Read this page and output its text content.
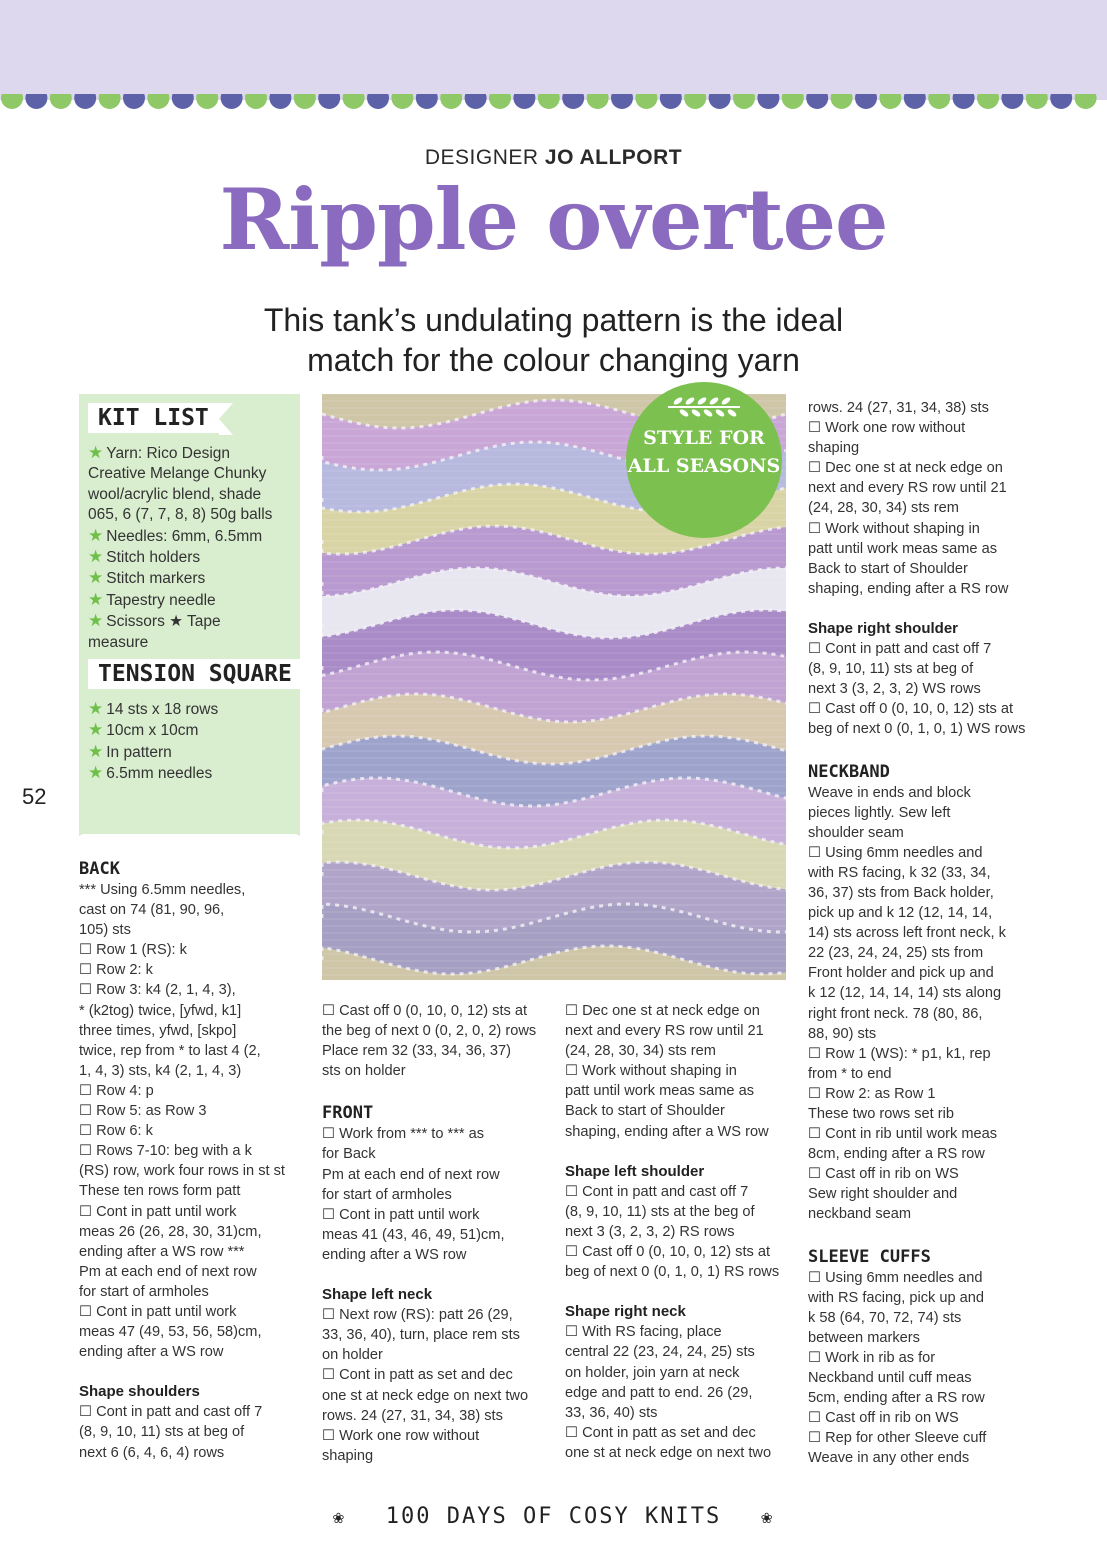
DESIGNER JO ALLPORT
Ripple overtee
This tank’s undulating pattern is the ideal
match for the colour changing yarn
KIT LIST
★ Yarn: Rico Design
Creative Melange Chunky
wool/acrylic blend, shade
065, 6 (7, 7, 8, 8) 50g balls
★ Needles: 6mm, 6.5mm
★ Stitch holders
★ Stitch markers
★ Tapestry needle
★ Scissors ★ Tape
measure
TENSION SQUARE
★ 14 sts x 18 rows
★ 10cm x 10cm
★ In pattern
★ 6.5mm needles
52
STYLE FOR
ALL SEASONS
BACK
*** Using 6.5mm needles,
cast on 74 (81, 90, 96,
105) sts
☐ Row 1 (RS): k
☐ Row 2: k
☐ Row 3: k4 (2, 1, 4, 3),
* (k2tog) twice, [yfwd, k1]
three times, yfwd, [skpo]
twice, rep from * to last 4 (2,
1, 4, 3) sts, k4 (2, 1, 4, 3)
☐ Row 4: p
☐ Row 5: as Row 3
☐ Row 6: k
☐ Rows 7-10: beg with a k
(RS) row, work four rows in st st
These ten rows form patt
☐ Cont in patt until work
meas 26 (26, 28, 30, 31)cm,
ending after a WS row ***
Pm at each end of next row
for start of armholes
☐ Cont in patt until work
meas 47 (49, 53, 56, 58)cm,
ending after a WS row
Shape shoulders
☐ Cont in patt and cast off 7
(8, 9, 10, 11) sts at beg of
next 6 (6, 4, 6, 4) rows
☐ Cast off 0 (0, 10, 0, 12) sts at
the beg of next 0 (0, 2, 0, 2) rows
Place rem 32 (33, 34, 36, 37)
sts on holder
FRONT
☐ Work from *** to *** as
for Back
Pm at each end of next row
for start of armholes
☐ Cont in patt until work
meas 41 (43, 46, 49, 51)cm,
ending after a WS row
Shape left neck
☐ Next row (RS): patt 26 (29,
33, 36, 40), turn, place rem sts
on holder
☐ Cont in patt as set and dec
one st at neck edge on next two
rows. 24 (27, 31, 34, 38) sts
☐ Work one row without
shaping
☐ Dec one st at neck edge on
next and every RS row until 21
(24, 28, 30, 34) sts rem
☐ Work without shaping in
patt until work meas same as
Back to start of Shoulder
shaping, ending after a WS row
Shape left shoulder
☐ Cont in patt and cast off 7
(8, 9, 10, 11) sts at the beg of
next 3 (3, 2, 3, 2) RS rows
☐ Cast off 0 (0, 10, 0, 12) sts at
beg of next 0 (0, 1, 0, 1) RS rows
Shape right neck
☐ With RS facing, place
central 22 (23, 24, 24, 25) sts
on holder, join yarn at neck
edge and patt to end. 26 (29,
33, 36, 40) sts
☐ Cont in patt as set and dec
one st at neck edge on next two
rows. 24 (27, 31, 34, 38) sts
☐ Work one row without
shaping
☐ Dec one st at neck edge on
next and every RS row until 21
(24, 28, 30, 34) sts rem
☐ Work without shaping in
patt until work meas same as
Back to start of Shoulder
shaping, ending after a RS row
Shape right shoulder
☐ Cont in patt and cast off 7
(8, 9, 10, 11) sts at beg of
next 3 (3, 2, 3, 2) WS rows
☐ Cast off 0 (0, 10, 0, 12) sts at
beg of next 0 (0, 1, 0, 1) WS rows
NECKBAND
Weave in ends and block
pieces lightly. Sew left
shoulder seam
☐ Using 6mm needles and
with RS facing, k 32 (33, 34,
36, 37) sts from Back holder,
pick up and k 12 (12, 14, 14,
14) sts across left front neck, k
22 (23, 24, 24, 25) sts from
Front holder and pick up and
k 12 (12, 14, 14, 14) sts along
right front neck. 78 (80, 86,
88, 90) sts
☐ Row 1 (WS): * p1, k1, rep
from * to end
☐ Row 2: as Row 1
These two rows set rib
☐ Cont in rib until work meas
8cm, ending after a RS row
☐ Cast off in rib on WS
Sew right shoulder and
neckband seam
SLEEVE CUFFS
☐ Using 6mm needles and
with RS facing, pick up and
k 58 (64, 70, 72, 74) sts
between markers
☐ Work in rib as for
Neckband until cuff meas
5cm, ending after a RS row
☐ Cast off in rib on WS
☐ Rep for other Sleeve cuff
Weave in any other ends
❀ 100 DAYS OF COSY KNITS ❀
